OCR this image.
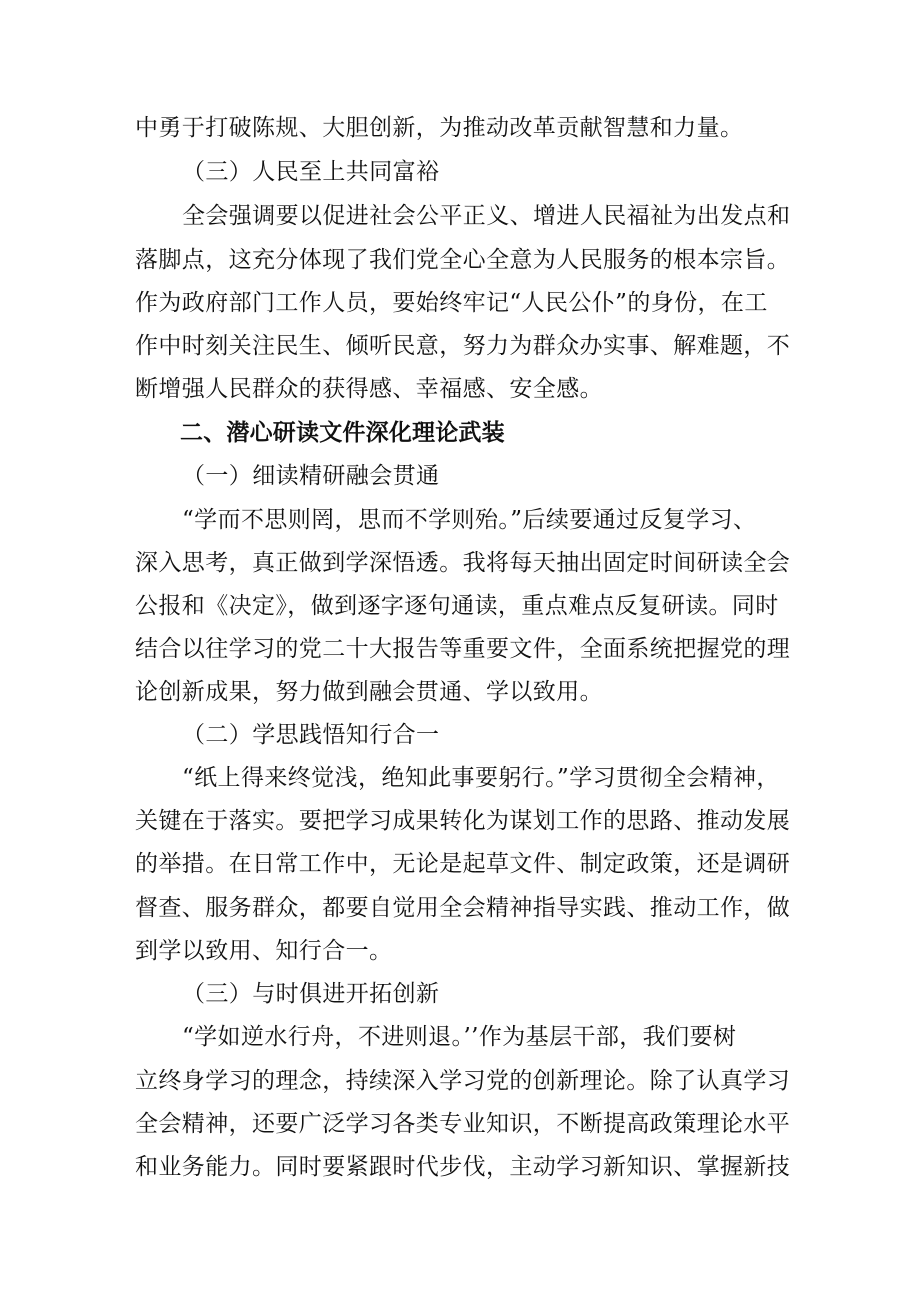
中勇于打破陈规、大胆创新，为推动改革贡献智慧和力量。
（三）人民至上共同富裕
全会强调要以促进社会公平正义、增进人民福祉为出发点和
落脚点，这充分体现了我们党全心全意为人民服务的根本宗旨。
作为政府部门工作人员，要始终牢记“人民公仆”的身份，在工
作中时刻关注民生、倾听民意，努力为群众办实事、解难题，不
断增强人民群众的获得感、幸福感、安全感。
二、潜心研读文件深化理论武装
（一）细读精研融会贯通
“学而不思则罔，思而不学则殆。”后续要通过反复学习、
深入思考，真正做到学深悟透。我将每天抽出固定时间研读全会
公报和《决定》，做到逐字逐句通读，重点难点反复研读。同时
结合以往学习的党二十大报告等重要文件，全面系统把握党的理
论创新成果，努力做到融会贯通、学以致用。
（二）学思践悟知行合一
“纸上得来终觉浅，绝知此事要躬行。”学习贯彻全会精神，
关键在于落实。要把学习成果转化为谋划工作的思路、推动发展
的举措。在日常工作中，无论是起草文件、制定政策，还是调研
督查、服务群众，都要自觉用全会精神指导实践、推动工作，做
到学以致用、知行合一。
（三）与时俱进开拓创新
“学如逆水行舟，不进则退。’’作为基层干部，我们要树
立终身学习的理念，持续深入学习党的创新理论。除了认真学习
全会精神，还要广泛学习各类专业知识，不断提高政策理论水平
和业务能力。同时要紧跟时代步伐，主动学习新知识、掌握新技
